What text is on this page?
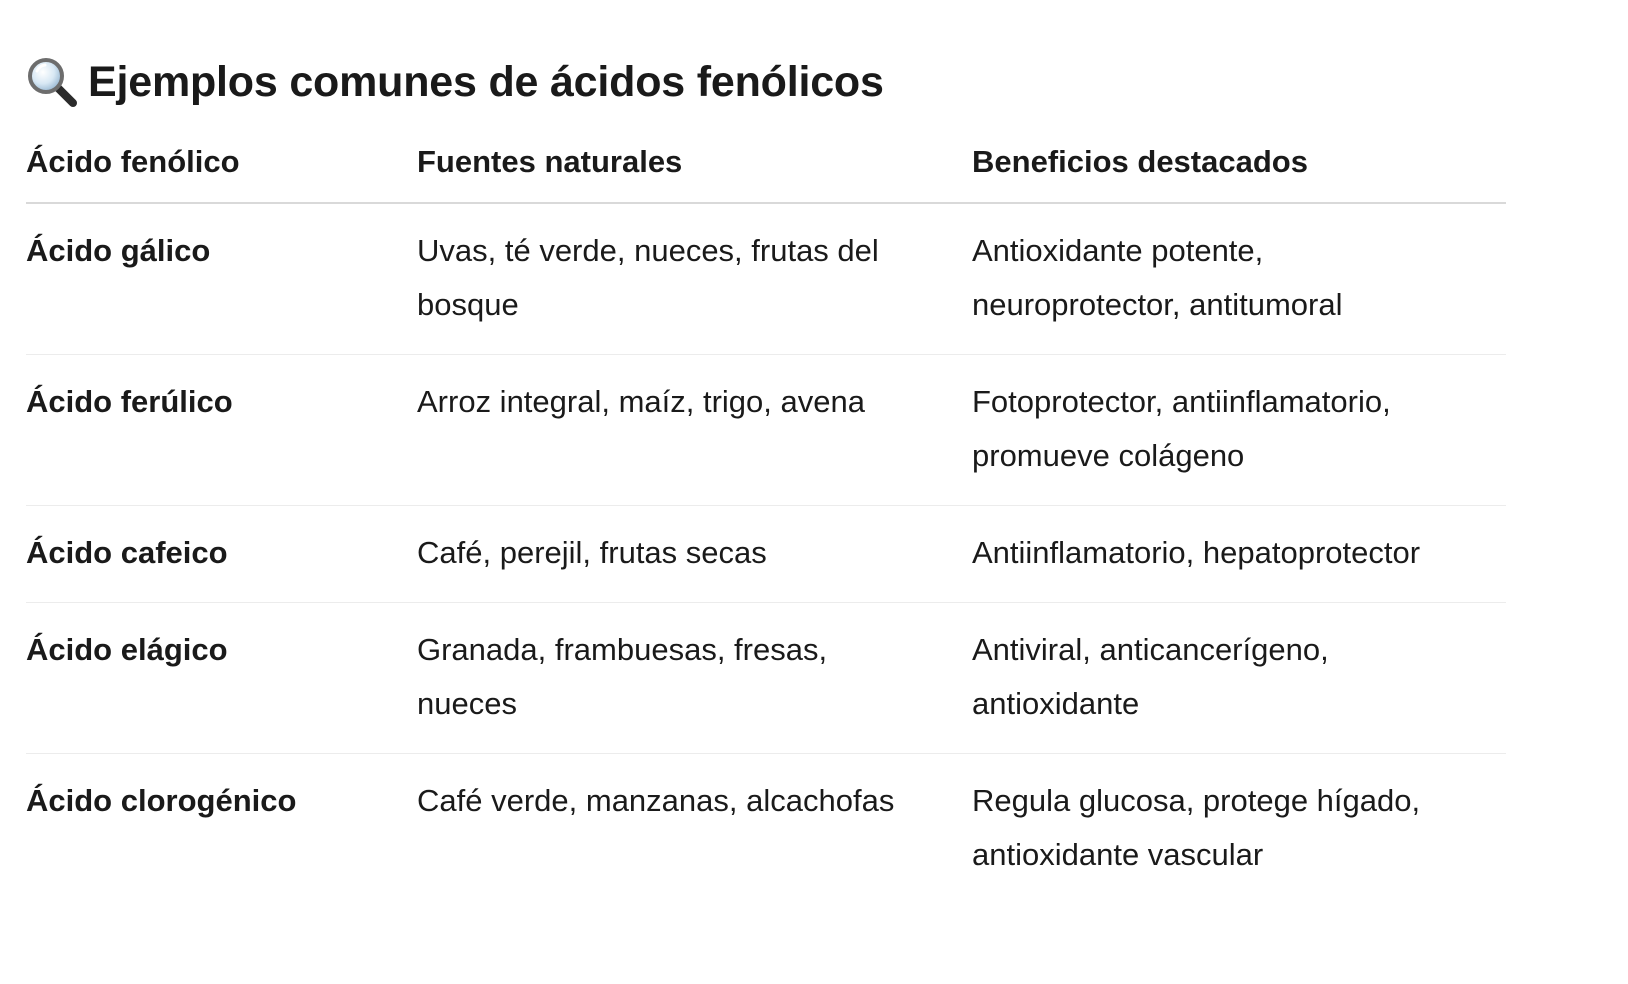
Ejemplos comunes de ácidos fenólicos
Ácido fenólico	Fuentes naturales	Beneficios destacados
Ácido gálico	Uvas, té verde, nueces, frutas del bosque	Antioxidante potente, neuroprotector, antitumoral
Ácido ferúlico	Arroz integral, maíz, trigo, avena	Fotoprotector, antiinflamatorio, promueve colágeno
Ácido cafeico	Café, perejil, frutas secas	Antiinflamatorio, hepatoprotector
Ácido elágico	Granada, frambuesas, fresas, nueces	Antiviral, anticancerígeno, antioxidante
Ácido clorogénico	Café verde, manzanas, alcachofas	Regula glucosa, protege hígado, antioxidante vascular
